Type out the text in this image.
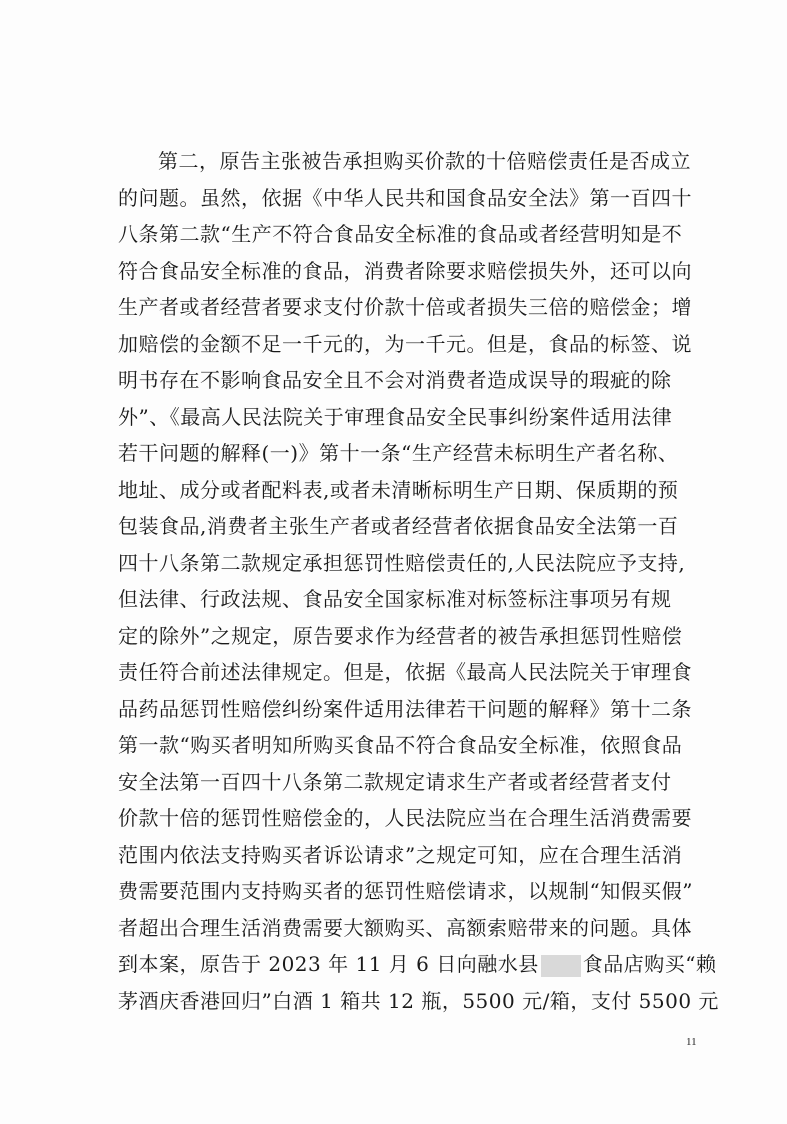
第二，原告主张被告承担购买价款的十倍赔偿责任是否成立
的问题。虽然，依据《中华人民共和国食品安全法》第一百四十
八条第二款“生产不符合食品安全标准的食品或者经营明知是不
符合食品安全标准的食品，消费者除要求赔偿损失外，还可以向
生产者或者经营者要求支付价款十倍或者损失三倍的赔偿金；增
加赔偿的金额不足一千元的，为一千元。但是，食品的标签、说
明书存在不影响食品安全且不会对消费者造成误导的瑕疵的除
外”、《最高人民法院关于审理食品安全民事纠纷案件适用法律
若干问题的解释(一)》第十一条“生产经营未标明生产者名称、
地址、成分或者配料表,或者未清晰标明生产日期、保质期的预
包装食品,消费者主张生产者或者经营者依据食品安全法第一百
四十八条第二款规定承担惩罚性赔偿责任的,人民法院应予支持,
但法律、行政法规、食品安全国家标准对标签标注事项另有规
定的除外”之规定，原告要求作为经营者的被告承担惩罚性赔偿
责任符合前述法律规定。但是，依据《最高人民法院关于审理食
品药品惩罚性赔偿纠纷案件适用法律若干问题的解释》第十二条
第一款“购买者明知所购买食品不符合食品安全标准，依照食品
安全法第一百四十八条第二款规定请求生产者或者经营者支付
价款十倍的惩罚性赔偿金的，人民法院应当在合理生活消费需要
范围内依法支持购买者诉讼请求”之规定可知，应在合理生活消
费需要范围内支持购买者的惩罚性赔偿请求，以规制“知假买假”
者超出合理生活消费需要大额购买、高额索赔带来的问题。具体
到本案，原告于 2023 年 11 月 6 日向融水县 食品店购买“赖
茅酒庆香港回归”白酒 1 箱共 12 瓶，5500 元/箱，支付 5500 元
11
